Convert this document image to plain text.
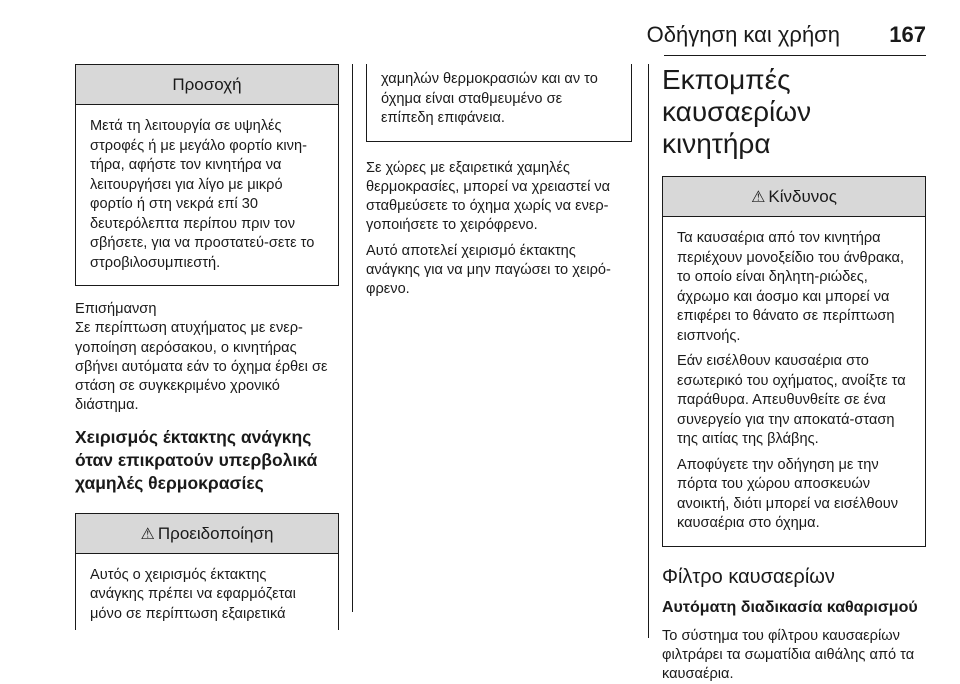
Οδήγηση και χρήση 167
Προσοχή

Μετά τη λειτουργία σε υψηλές στροφές ή με μεγάλο φορτίο κινη-τήρα, αφήστε τον κινητήρα να λειτουργήσει για λίγο με μικρό φορτίο ή στη νεκρά επί 30 δευτερόλεπτα περίπου πριν τον σβήσετε, για να προστατεύ-σετε το στροβιλοσυμπιεστή.

Επισήμανση

Σε περίπτωση ατυχήματος με ενερ-γοποίηση αερόσακου, ο κινητήρας σβήνει αυτόματα εάν το όχημα έρθει σε στάση σε συγκεκριμένο χρονικό διάστημα.

Χειρισμός έκτακτης ανάγκης όταν επικρατούν υπερβολικά χαμηλές θερμοκρασίες
⚠ Προειδοποίηση

Αυτός ο χειρισμός έκτακτης ανάγκης πρέπει να εφαρμόζεται μόνο σε περίπτωση εξαιρετικά

χαμηλών θερμοκρασιών και αν το όχημα είναι σταθμευμένο σε επίπεδη επιφάνεια.

Σε χώρες με εξαιρετικά χαμηλές θερμοκρασίες, μπορεί να χρειαστεί να σταθμεύσετε το όχημα χωρίς να ενερ-γοποιήσετε το χειρόφρενο.

Αυτό αποτελεί χειρισμό έκτακτης ανάγκης για να μην παγώσει το χειρό-φρενο.

Εκπομπές καυσαερίων κινητήρα
⚠ Κίνδυνος

Τα καυσαέρια από τον κινητήρα περιέχουν μονοξείδιο του άνθρακα, το οποίο είναι δηλητη-ριώδες, άχρωμο και άοσμο και μπορεί να επιφέρει το θάνατο σε περίπτωση εισπνοής.

Εάν εισέλθουν καυσαέρια στο εσωτερικό του οχήματος, ανοίξτε τα παράθυρα. Απευθυνθείτε σε ένα συνεργείο για την αποκατά-σταση της αιτίας της βλάβης.

Αποφύγετε την οδήγηση με την πόρτα του χώρου αποσκευών ανοικτή, διότι μπορεί να εισέλθουν καυσαέρια στο όχημα.

Φίλτρο καυσαερίων
Αυτόματη διαδικασία καθαρισμού

Το σύστημα του φίλτρου καυσαερίων φιλτράρει τα σωματίδια αιθάλης από τα καυσαέρια.
